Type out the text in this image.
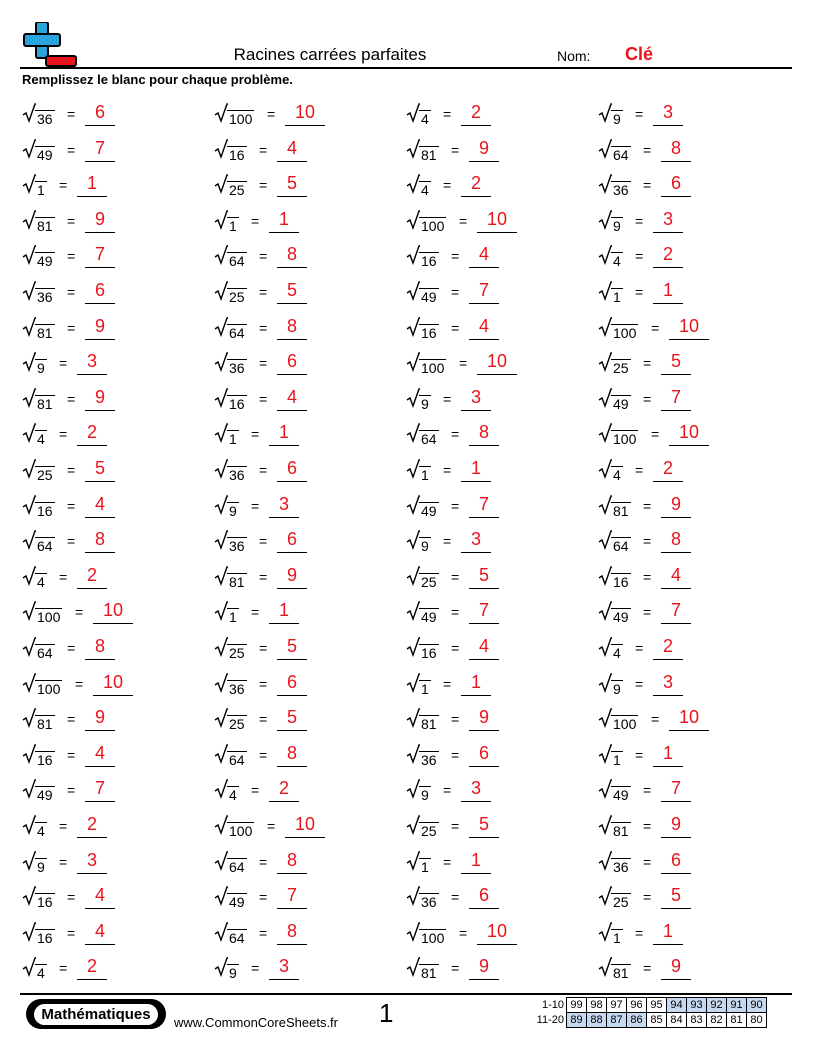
Racines carrées parfaites	Nom: Clé
Remplissez le blanc pour chaque problème.
36 =	6	100 =	10	4 =	2	9 =	3
49 =	7	16 =	4	81 =	9	64 =	8
1 =	1	25 =	5	4 =	2	36 =	6
81 =	9	1 =	1	100 =	10	9 =	3
49 =	7	64 =	8	16 =	4	4 =	2
36 =	6	25 =	5	49 =	7	1 =	1
81 =	9	64 =	8	16 =	4	100 =	10
9 =	3	36 =	6	100 =	10	25 =	5
81 =	9	16 =	4	9 =	3	49 =	7
4 =	2	1 =	1	64 =	8	100 =	10
25 =	5	36 =	6	1 =	1	4 =	2
16 =	4	9 =	3	49 =	7	81 =	9
64 =	8	36 =	6	9 =	3	64 =	8
4 =	2	81 =	9	25 =	5	16 =	4
100 =	10	1 =	1	49 =	7	49 =	7
64 =	8	25 =	5	16 =	4	4 =	2
100 =	10	36 =	6	1 =	1	9 =	3
81 =	9	25 =	5	81 =	9	100 =	10
16 =	4	64 =	8	36 =	6	1 =	1
49 =	7	4 =	2	9 =	3	49 =	7
4 =	2	100 =	10	25 =	5	81 =	9
9 =	3	64 =	8	1 =	1	36 =	6
16 =	4	49 =	7	36 =	6	25 =	5
16 =	4	64 =	8	100 =	10	1 =	1
4 =	2	9 =	3	81 =	9	81 =	9
Mathématiques	www.CommonCoreSheets.fr 1	1-10	99	98	97	96	95	94	93	92	91	90
11-20	89	88	87	86	85	84	83	82	81	80
